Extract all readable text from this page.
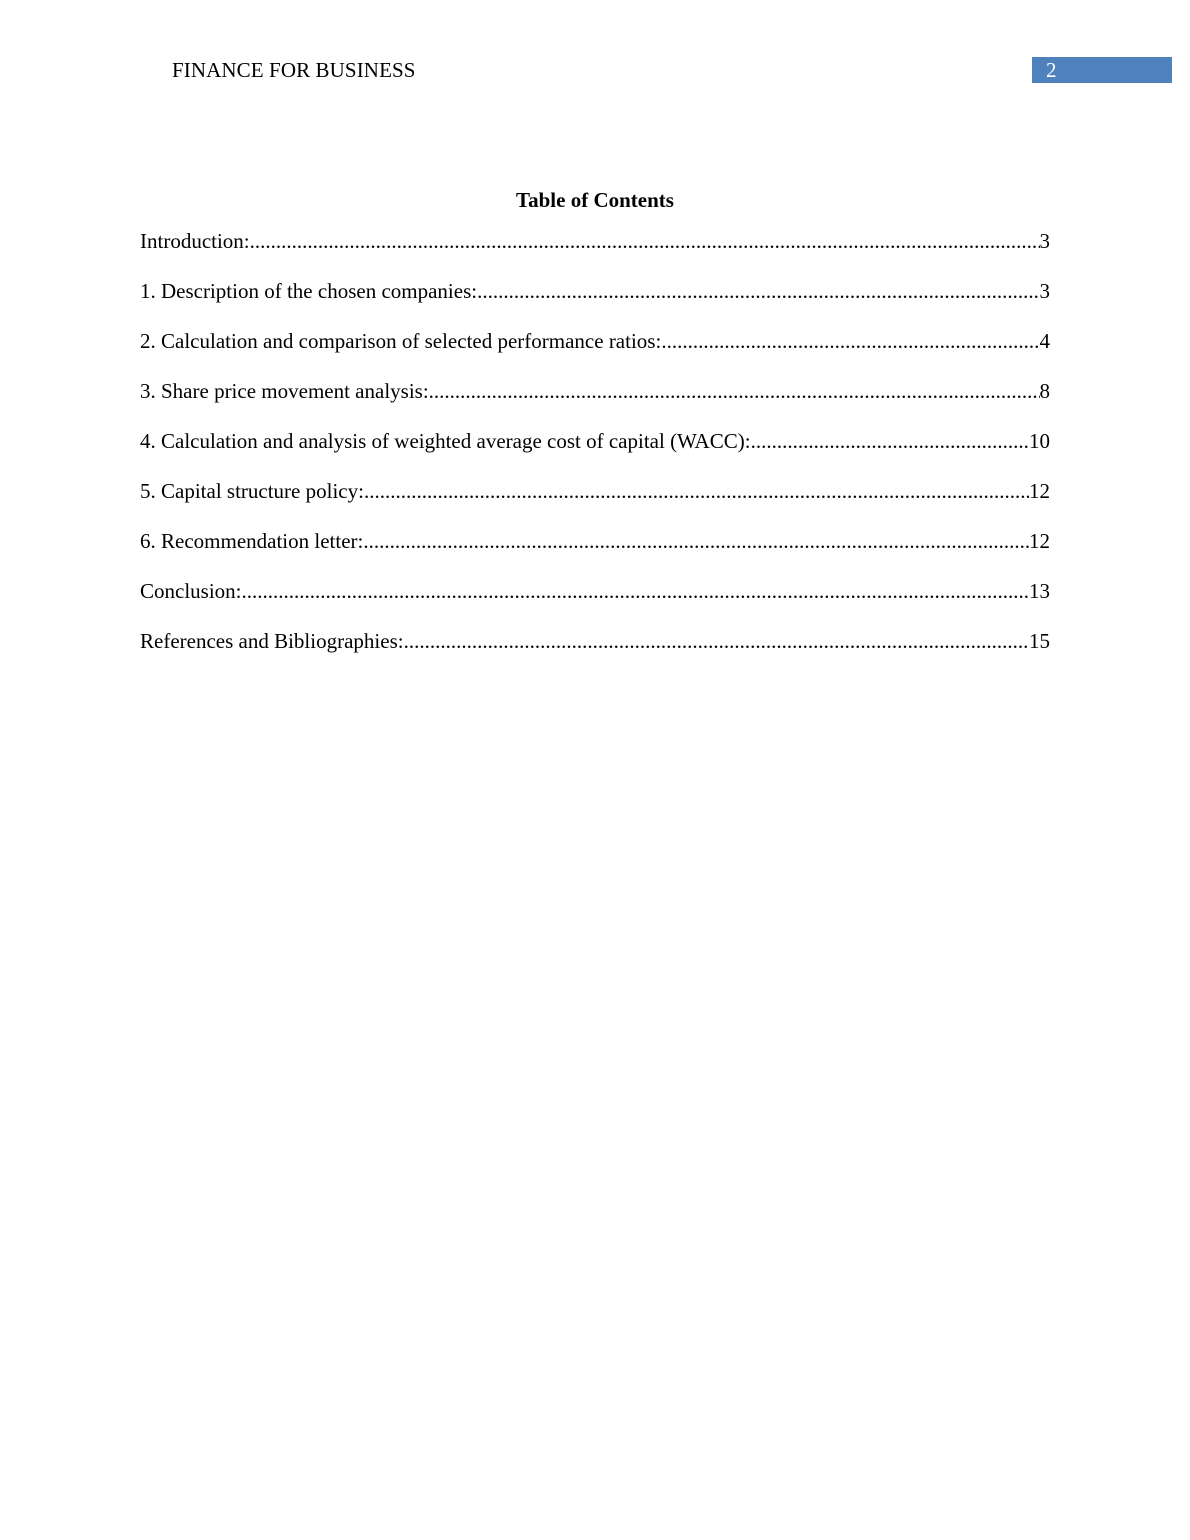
FINANCE FOR BUSINESS	2
Table of Contents
Introduction: .....	3
1. Description of the chosen companies: .....	3
2. Calculation and comparison of selected performance ratios: .....	4
3. Share price movement analysis: .....	8
4. Calculation and analysis of weighted average cost of capital (WACC): .....	10
5. Capital structure policy: .....	12
6. Recommendation letter: .....	12
Conclusion: .....	13
References and Bibliographies: .....	15
